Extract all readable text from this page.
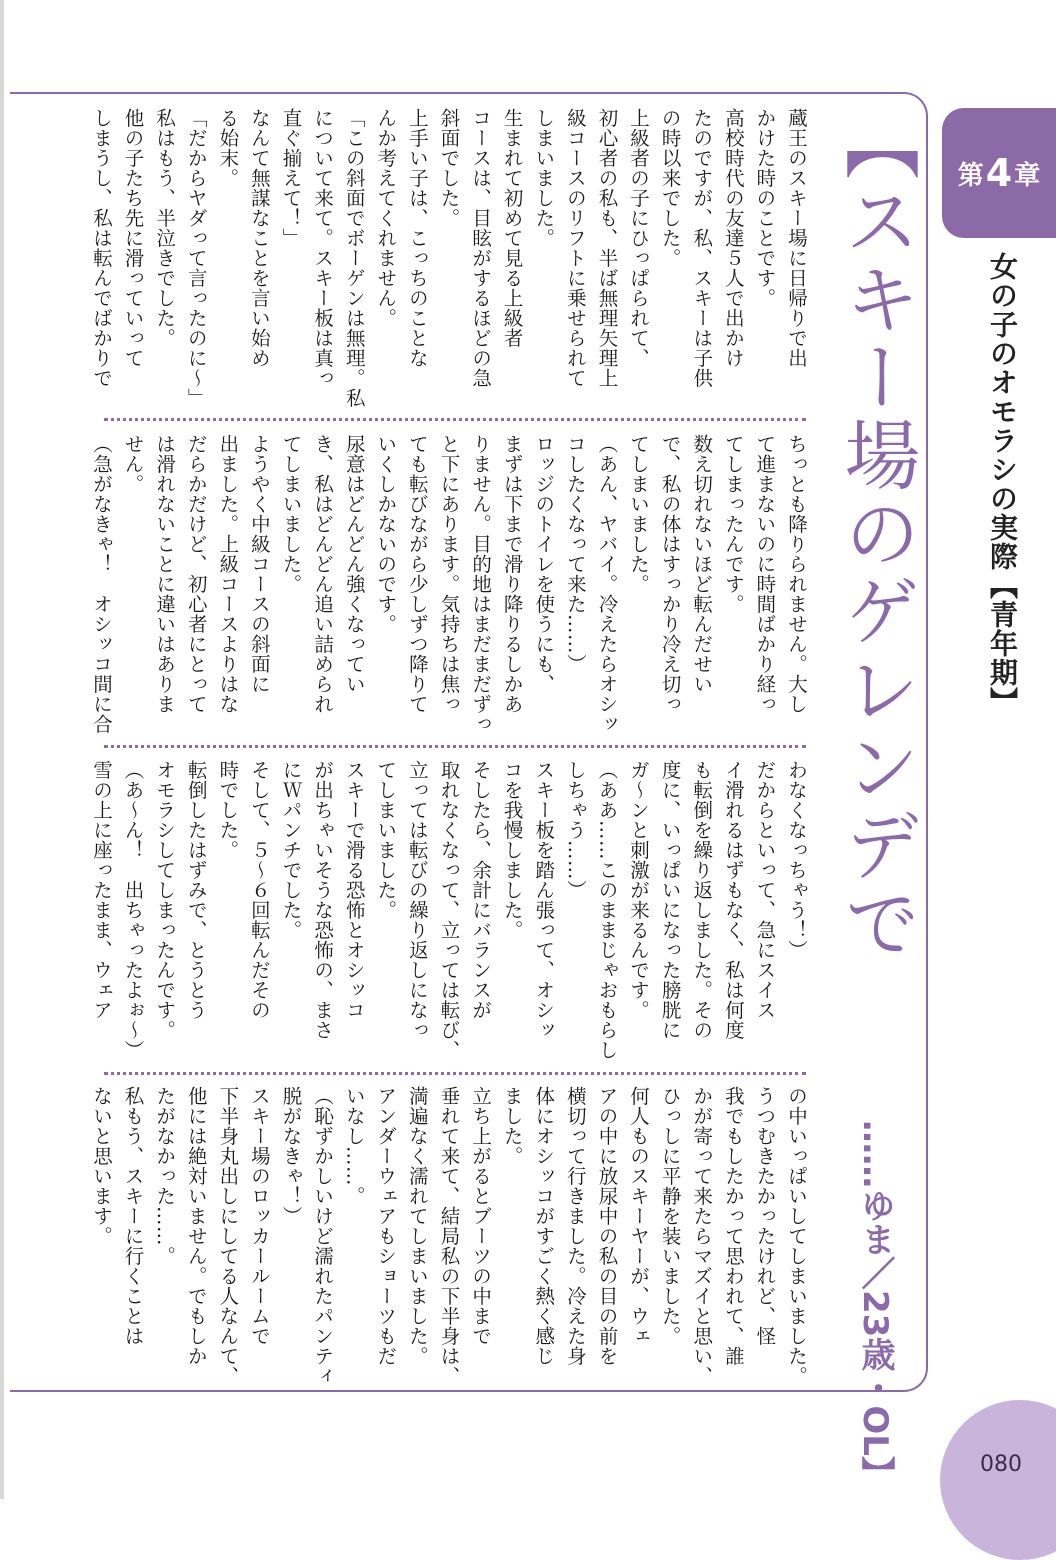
第 4 章
女の子のオモラシの実際【青年期】
【スキー場のゲレンデで
……ゆま／23歳・OL】
蔵王のスキー場に日帰りで出
かけた時のことです。
高校時代の友達５人で出かけ
たのですが、私、スキーは子供
の時以来でした。
上級者の子にひっぱられて、
初心者の私も、半ば無理矢理上
級コースのリフトに乗せられて
しまいました。
生まれて初めて見る上級者
コースは、目眩がするほどの急
斜面でした。
上手い子は、こっちのことな
んか考えてくれません。
「この斜面でボーゲンは無理。私
について来て。スキー板は真っ
直ぐ揃えて！」
なんて無謀なことを言い始め
る始末。
「だからヤダって言ったのに～」
私はもう、半泣きでした。
他の子たち先に滑っていって
しまうし、私は転んでばかりで
ちっとも降りられません。大し
て進まないのに時間ばかり経っ
てしまったんです。
数え切れないほど転んだせい
で、私の体はすっかり冷え切っ
てしまいました。
（あん、ヤバイ。冷えたらオシッ
コしたくなって来た……）
ロッジのトイレを使うにも、
まずは下まで滑り降りるしかあ
りません。目的地はまだまだずっ
と下にあります。気持ちは焦っ
ても転びながら少しずつ降りて
いくしかないのです。
尿意はどんどん強くなってい
き、私はどんどん追い詰められ
てしまいました。
ようやく中級コースの斜面に
出ました。上級コースよりはな
だらかだけど、初心者にとって
は滑れないことに違いはありま
せん。
（急がなきゃ！　オシッコ間に合
わなくなっちゃう！）
だからといって、急にスイス
イ滑れるはずもなく、私は何度
も転倒を繰り返しました。その
度に、いっぱいになった膀胱に
ガ～ンと刺激が来るんです。
（ああ……このままじゃおもらし
しちゃう……）
スキー板を踏ん張って、オシッ
コを我慢しました。
そしたら、余計にバランスが
取れなくなって、立っては転び、
立っては転びの繰り返しになっ
てしまいました。
スキーで滑る恐怖とオシッコ
が出ちゃいそうな恐怖の、まさ
にＷパンチでした。
そして、５～６回転んだその
時でした。
転倒したはずみで、とうとう
オモラシしてしまったんです。
（あ～ん！　出ちゃったよぉ～）
雪の上に座ったまま、ウェア
の中いっぱいしてしまいました。
うつむきたかったけれど、怪
我でもしたかって思われて、誰
かが寄って来たらマズイと思い、
ひっしに平静を装いました。
何人ものスキーヤーが、ウェ
アの中に放尿中の私の目の前を
横切って行きました。冷えた身
体にオシッコがすごく熱く感じ
ました。
立ち上がるとブーツの中まで
垂れて来て、結局私の下半身は、
満遍なく濡れてしまいました。
アンダーウェアもショーツもだ
いなし……。
（恥ずかしいけど濡れたパンティ
脱がなきゃ！）
スキー場のロッカールームで
下半身丸出しにしてる人なんて、
他には絶対いません。でもしか
たがなかった……。
私もう、スキーに行くことは
ないと思います。
080
